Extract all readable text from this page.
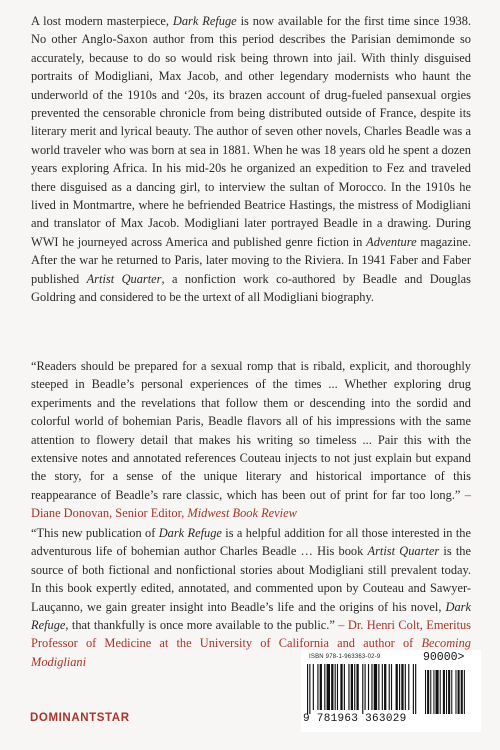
A lost modern masterpiece, Dark Refuge is now available for the first time since 1938. No other Anglo-Saxon author from this period describes the Parisian demimonde so accurately, because to do so would risk being thrown into jail. With thinly disguised portraits of Modigliani, Max Jacob, and other legendary modernists who haunt the underworld of the 1910s and ‘20s, its brazen account of drug-fueled pansexual orgies prevented the censorable chronicle from being distributed outside of France, despite its literary merit and lyrical beauty. The author of seven other novels, Charles Beadle was a world traveler who was born at sea in 1881. When he was 18 years old he spent a dozen years exploring Africa. In his mid-20s he organized an expedition to Fez and traveled there disguised as a dancing girl, to interview the sultan of Morocco. In the 1910s he lived in Montmartre, where he befriended Beatrice Hastings, the mistress of Modigliani and translator of Max Jacob. Modigliani later portrayed Beadle in a drawing. During WWI he journeyed across America and published genre fiction in Adventure magazine. After the war he returned to Paris, later moving to the Riviera. In 1941 Faber and Faber published Artist Quarter, a nonfiction work co-authored by Beadle and Douglas Goldring and considered to be the urtext of all Modigliani biography.

“Readers should be prepared for a sexual romp that is ribald, explicit, and thoroughly steeped in Beadle’s personal experiences of the times ... Whether exploring drug experiments and the revelations that follow them or descending into the sordid and colorful world of bohemian Paris, Beadle flavors all of his impressions with the same attention to flowery detail that makes his writing so timeless ... Pair this with the extensive notes and annotated references Couteau injects to not just explain but expand the story, for a sense of the unique literary and historical importance of this reappearance of Beadle’s rare classic, which has been out of print for far too long.” – Diane Donovan, Senior Editor, Midwest Book Review

“This new publication of Dark Refuge is a helpful addition for all those interested in the adventurous life of bohemian author Charles Beadle … His book Artist Quarter is the source of both fictional and nonfictional stories about Modigliani still prevalent today. In this book expertly edited, annotated, and commented upon by Couteau and Sawyer-Lauçanno, we gain greater insight into Beadle’s life and the origins of his novel, Dark Refuge, that thankfully is once more available to the public.” – Dr. Henri Colt, Emeritus Professor of Medicine at the University of California and author of Becoming Modigliani	ISBN 978-1-963363-02-9	90000>
9 781963 363029
DOMINANTSTAR
